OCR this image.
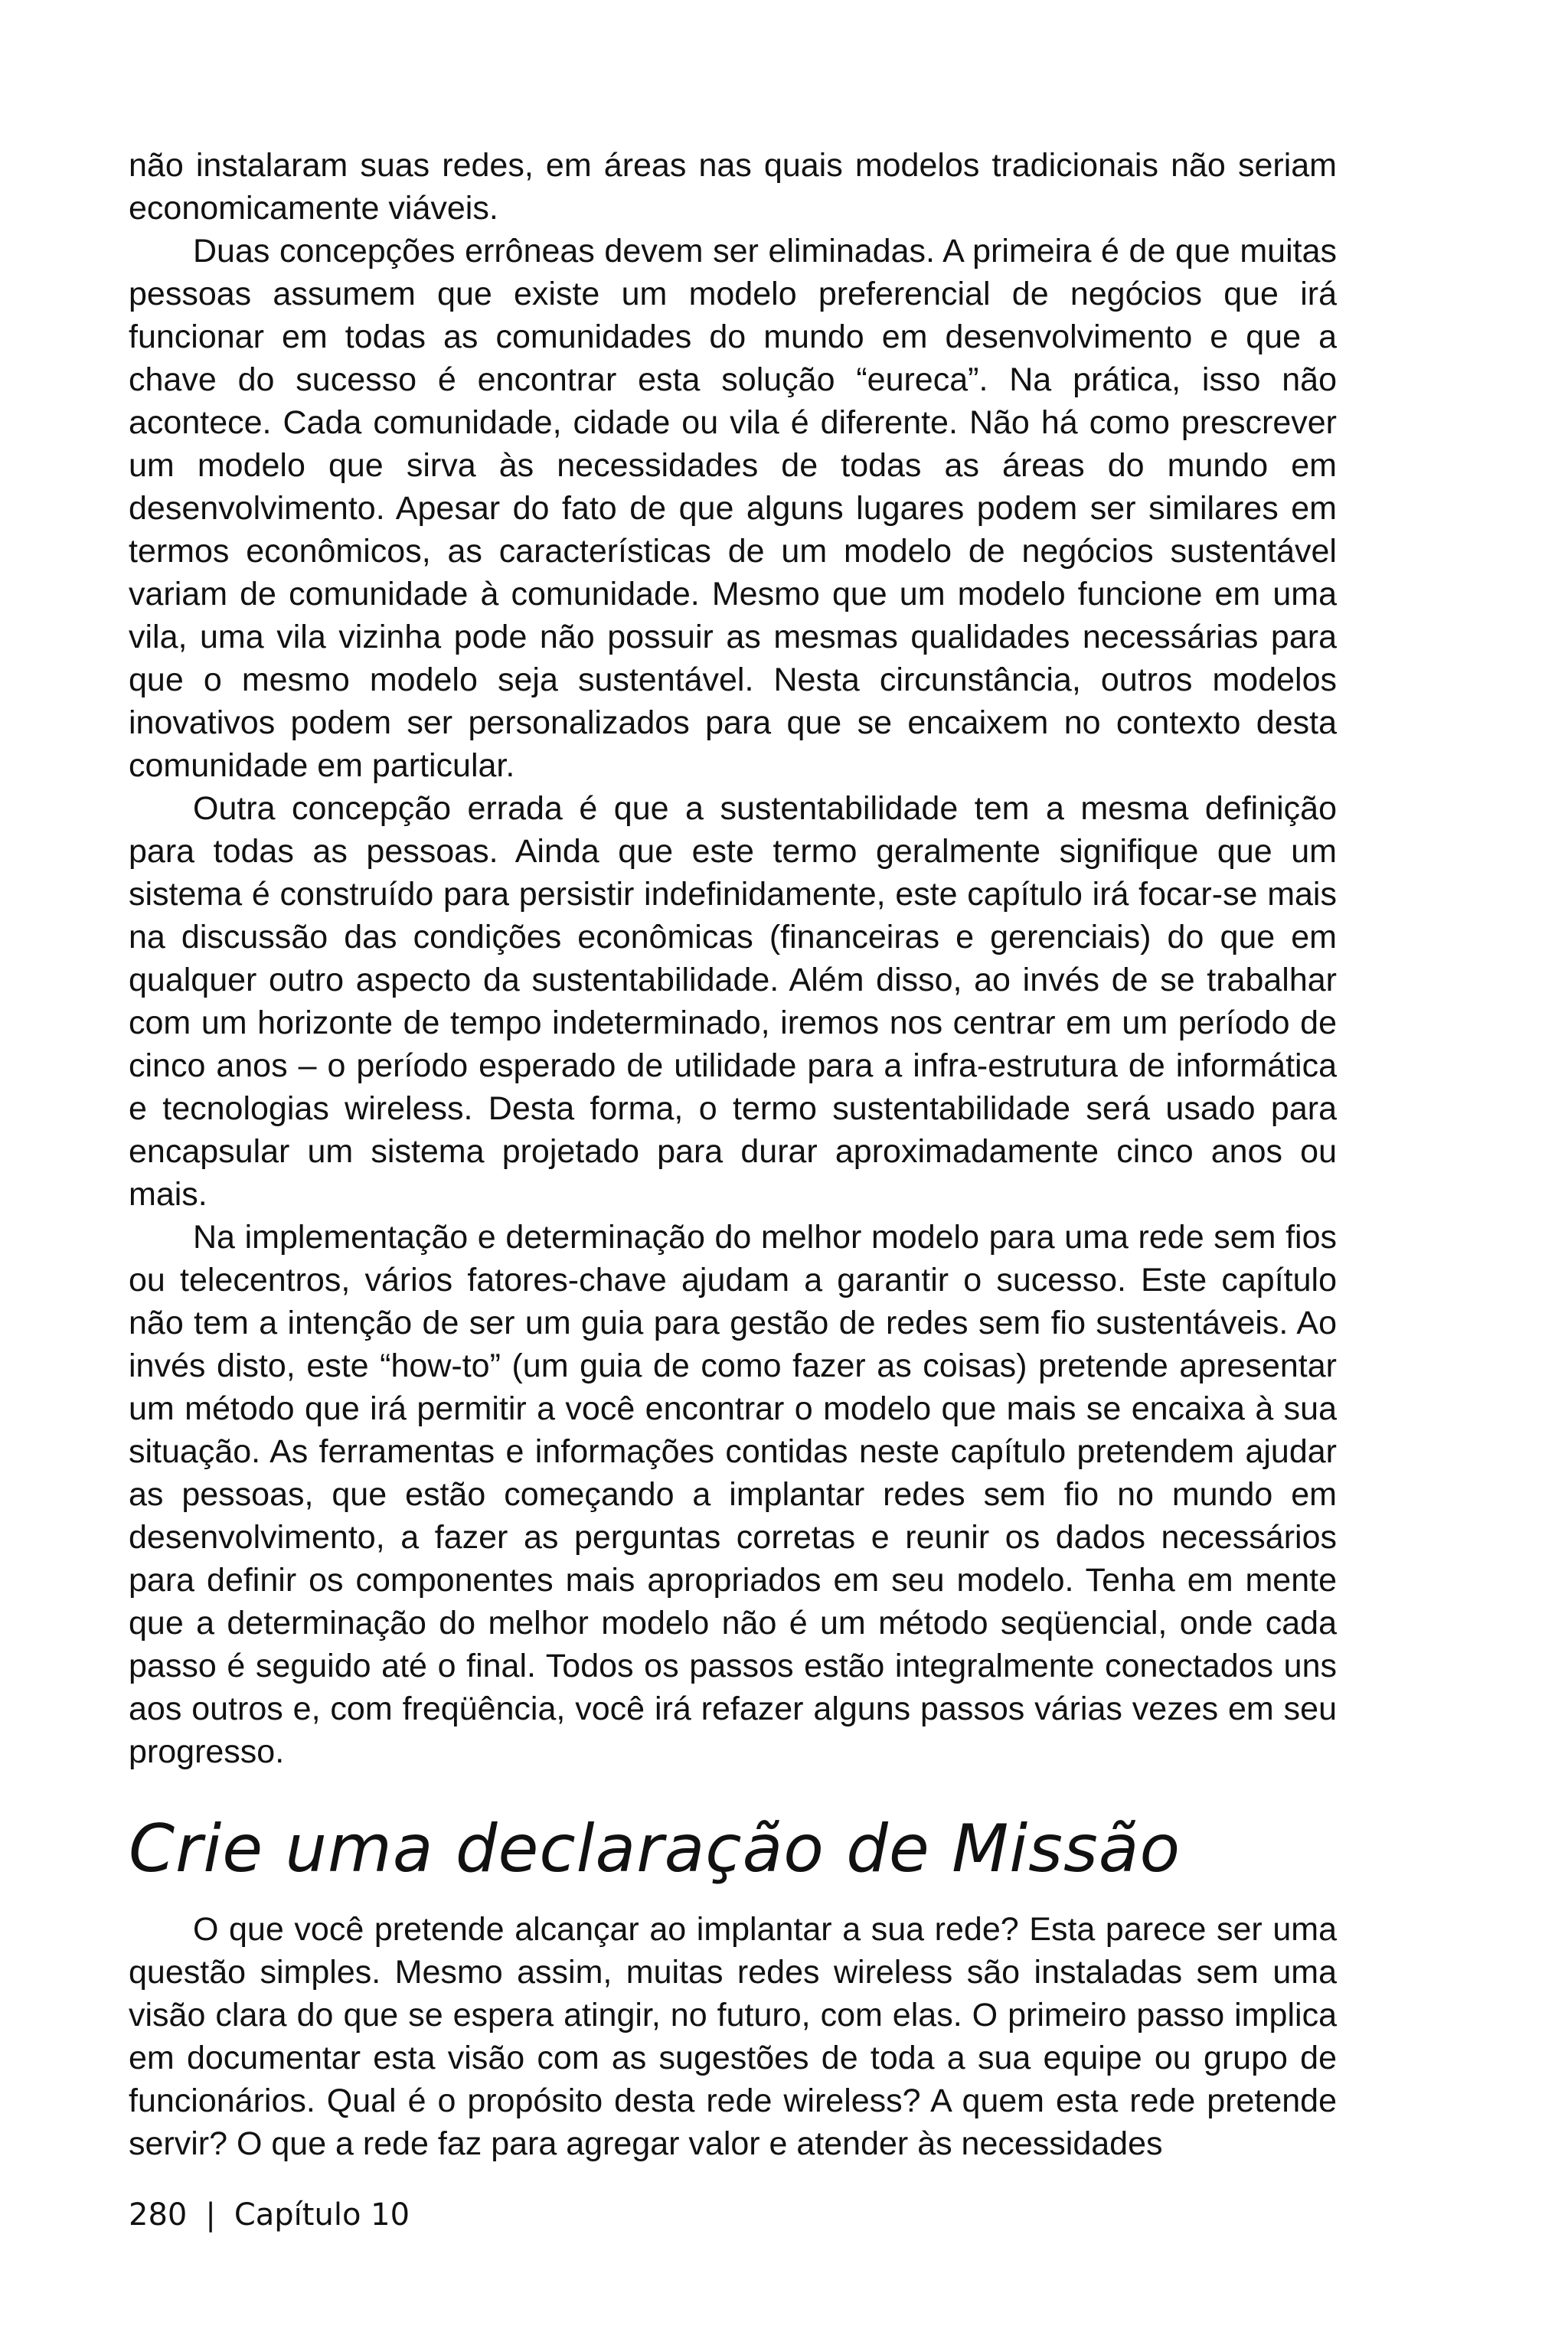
não instalaram suas redes, em áreas nas quais modelos tradicionais não seriam economicamente viáveis.

Duas concepções errôneas devem ser eliminadas. A primeira é de que muitas pessoas assumem que existe um modelo preferencial de negócios que irá funcionar em todas as comunidades do mundo em desenvolvimento e que a chave do sucesso é encontrar esta solução “eureca”. Na prática, isso não acontece. Cada comunidade, cidade ou vila é diferente. Não há como prescrever um modelo que sirva às necessidades de todas as áreas do mundo em desenvolvimento. Apesar do fato de que alguns lugares podem ser similares em termos econômicos, as características de um modelo de negócios sustentável variam de comunidade à comunidade. Mesmo que um modelo funcione em uma vila, uma vila vizinha pode não possuir as mesmas qualidades necessárias para que o mesmo modelo seja sustentável. Nesta circunstância, outros modelos inovativos podem ser personalizados para que se encaixem no contexto desta comunidade em particular.

Outra concepção errada é que a sustentabilidade tem a mesma definição para todas as pessoas. Ainda que este termo geralmente signifique que um sistema é construído para persistir indefinidamente, este capítulo irá focar-se mais na discussão das condições econômicas (financeiras e gerenciais) do que em qualquer outro aspecto da sustentabilidade. Além disso, ao invés de se trabalhar com um horizonte de tempo indeterminado, iremos nos centrar em um período de cinco anos – o período esperado de utilidade para a infra-estrutura de informática e tecnologias wireless. Desta forma, o termo sustentabilidade será usado para encapsular um sistema projetado para durar aproximadamente cinco anos ou mais.

Na implementação e determinação do melhor modelo para uma rede sem fios ou telecentros, vários fatores-chave ajudam a garantir o sucesso. Este capítulo não tem a intenção de ser um guia para gestão de redes sem fio sustentáveis. Ao invés disto, este “how-to” (um guia de como fazer as coisas) pretende apresentar um método que irá permitir a você encontrar o modelo que mais se encaixa à sua situação. As ferramentas e informações contidas neste capítulo pretendem ajudar as pessoas, que estão começando a implantar redes sem fio no mundo em desenvolvimento, a fazer as perguntas corretas e reunir os dados necessários para definir os componentes mais apropriados em seu modelo. Tenha em mente que a determinação do melhor modelo não é um método seqüencial, onde cada passo é seguido até o final. Todos os passos estão integralmente conectados uns aos outros e, com freqüência, você irá refazer alguns passos várias vezes em seu progresso.

Crie uma declaração de Missão

O que você pretende alcançar ao implantar a sua rede? Esta parece ser uma questão simples. Mesmo assim, muitas redes wireless são instaladas sem uma visão clara do que se espera atingir, no futuro, com elas. O primeiro passo implica em documentar esta visão com as sugestões de toda a sua equipe ou grupo de funcionários. Qual é o propósito desta rede wireless? A quem esta rede pretende servir? O que a rede faz para agregar valor e atender às necessidades

280 | Capítulo 10
